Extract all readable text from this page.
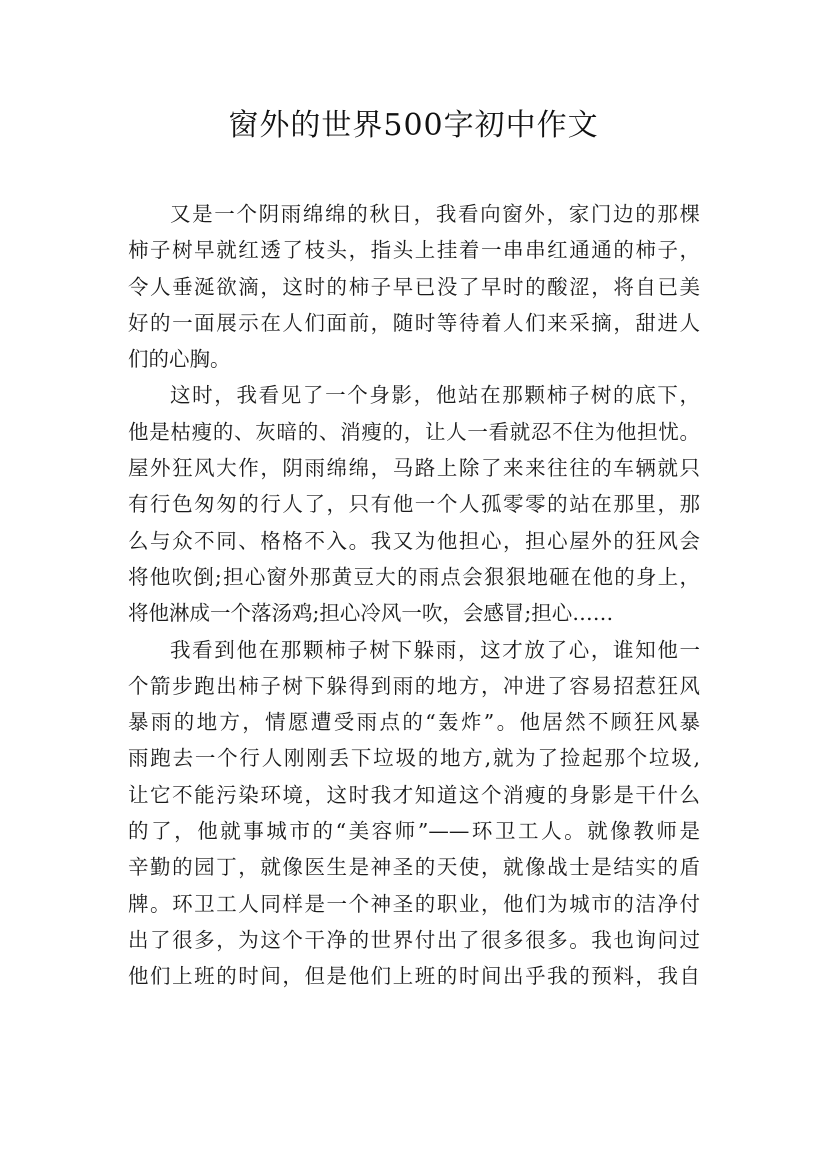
窗外的世界500字初中作文
又是一个阴雨绵绵的秋日，我看向窗外，家门边的那棵
柿子树早就红透了枝头，指头上挂着一串串红通通的柿子，
令人垂涎欲滴，这时的柿子早已没了早时的酸涩，将自已美
好的一面展示在人们面前，随时等待着人们来采摘，甜进人
们的心胸。
这时，我看见了一个身影，他站在那颗柿子树的底下，
他是枯瘦的、灰暗的、消瘦的，让人一看就忍不住为他担忧。
屋外狂风大作，阴雨绵绵，马路上除了来来往往的车辆就只
有行色匆匆的行人了，只有他一个人孤零零的站在那里，那
么与众不同、格格不入。我又为他担心，担心屋外的狂风会
将他吹倒;担心窗外那黄豆大的雨点会狠狠地砸在他的身上，
将他淋成一个落汤鸡;担心冷风一吹，会感冒;担心……
我看到他在那颗柿子树下躲雨，这才放了心，谁知他一
个箭步跑出柿子树下躲得到雨的地方，冲进了容易招惹狂风
暴雨的地方，情愿遭受雨点的“轰炸”。他居然不顾狂风暴
雨跑去一个行人刚刚丢下垃圾的地方,就为了捡起那个垃圾,
让它不能污染环境，这时我才知道这个消瘦的身影是干什么
的了，他就事城市的“美容师”——环卫工人。就像教师是
辛勤的园丁，就像医生是神圣的天使，就像战士是结实的盾
牌。环卫工人同样是一个神圣的职业，他们为城市的洁净付
出了很多，为这个干净的世界付出了很多很多。我也询问过
他们上班的时间，但是他们上班的时间出乎我的预料，我自
